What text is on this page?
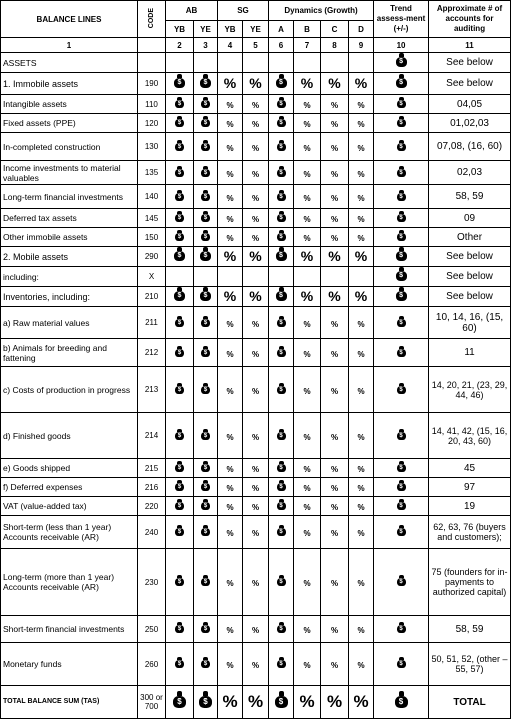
BALANCE LINES	CODE	AB		SG		Dynamics (Growth)				Trend assess-ment (+/-)	Approximate # of accounts for auditing
		YB	YE	YB	YE	A	B	C	D		
1		2	3	4	5	6	7	8	9	10	11
ASSETS										$	See below
1. Immobile assets	190	$	$	%	%	$	%	%	%	$	See below
Intangible assets	110	$	$	%	%	$	%	%	%	$	04,05
Fixed assets (PPE)	120	$	$	%	%	$	%	%	%	$	01,02,03
In-completed construction	130	$	$	%	%	$	%	%	%	$	07,08, (16, 60)
Income investments to material valuables	135	$	$	%	%	$	%	%	%	$	02,03
Long-term financial investments	140	$	$	%	%	$	%	%	%	$	58, 59
Deferred tax assets	145	$	$	%	%	$	%	%	%	$	09
Other immobile assets	150	$	$	%	%	$	%	%	%	$	Other
2. Mobile assets	290	$	$	%	%	$	%	%	%	$	See below
including:	X									$	See below
Inventories, including:	210	$	$	%	%	$	%	%	%	$	See below
a) Raw material values	211	$	$	%	%	$	%	%	%	$	10, 14, 16, (15, 60)
b) Animals for breeding and fattening	212	$	$	%	%	$	%	%	%	$	11
c) Costs of production in progress	213	$	$	%	%	$	%	%	%	$	14, 20, 21, (23, 29, 44, 46)
d) Finished goods	214	$	$	%	%	$	%	%	%	$	14, 41, 42, (15, 16, 20, 43, 60)
e) Goods shipped	215	$	$	%	%	$	%	%	%	$	45
f) Deferred expenses	216	$	$	%	%	$	%	%	%	$	97
VAT (value-added tax)	220	$	$	%	%	$	%	%	%	$	19
Short-term (less than 1 year) Accounts receivable (AR)	240	$	$	%	%	$	%	%	%	$	62, 63, 76 (buyers and customers);
Long-term (more than 1 year) Accounts receivable (AR)	230	$	$	%	%	$	%	%	%	$	75 (founders for in-payments to authorized capital)
Short-term financial investments	250	$	$	%	%	$	%	%	%	$	58, 59
Monetary funds	260	$	$	%	%	$	%	%	%	$	50, 51, 52, (other – 55, 57)
TOTAL BALANCE SUM (TAS)	300 or 700	$	$	%	%	$	%	%	%	$	TOTAL
